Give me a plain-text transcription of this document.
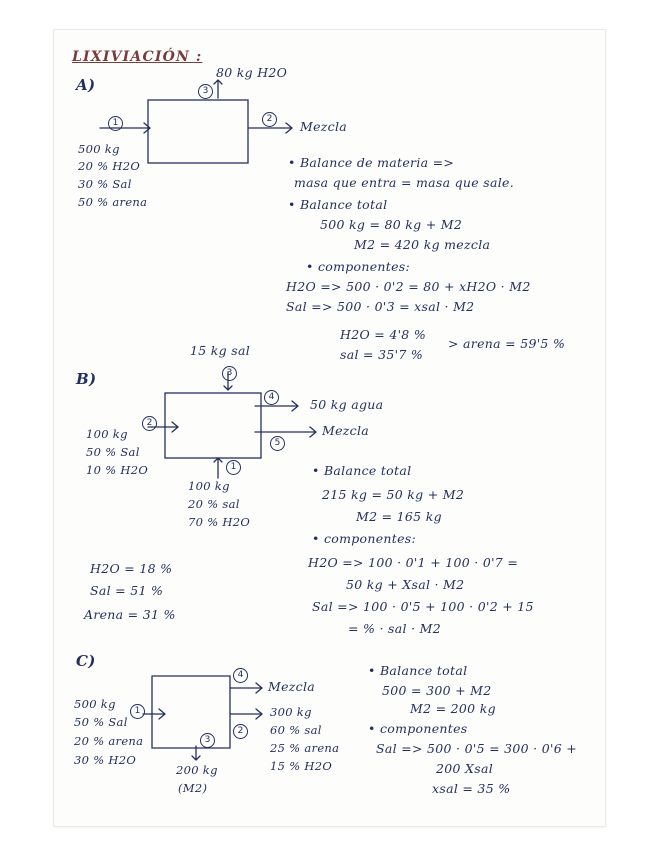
LIXIVIACIÓN :
A)
80 kg H2O
3
1	2	Mezcla
500 kg
20 % H2O
30 % Sal
50 % arena
• Balance de materia =>
masa que entra = masa que sale.
• Balance total
500 kg = 80 kg + M2
M2 = 420 kg mezcla
• componentes:
H2O => 500 · 0'2 = 80 + xH2O · M2
Sal => 500 · 0'3 = xsal · M2
H2O = 4'8 %
sal = 35'7 %
> arena = 59'5 %
B)
15 kg sal
3
2
1
4
5
50 kg agua
Mezcla
100 kg
50 % Sal
10 % H2O
100 kg
20 % sal
70 % H2O
• Balance total
215 kg = 50 kg + M2
M2 = 165 kg
• componentes:
H2O => 100 · 0'1 + 100 · 0'7 =
50 kg + Xsal · M2
Sal => 100 · 0'5 + 100 · 0'2 + 15
= % · sal · M2
H2O = 18 %
Sal = 51 %
Arena = 31 %
C)
500 kg
50 % Sal
20 % arena
30 % H2O
1
4
2
3
Mezcla
300 kg
60 % sal
25 % arena
15 % H2O
200 kg
(M2)
• Balance total
500 = 300 + M2
M2 = 200 kg
• componentes
Sal => 500 · 0'5 = 300 · 0'6 +
200 Xsal
xsal = 35 %
